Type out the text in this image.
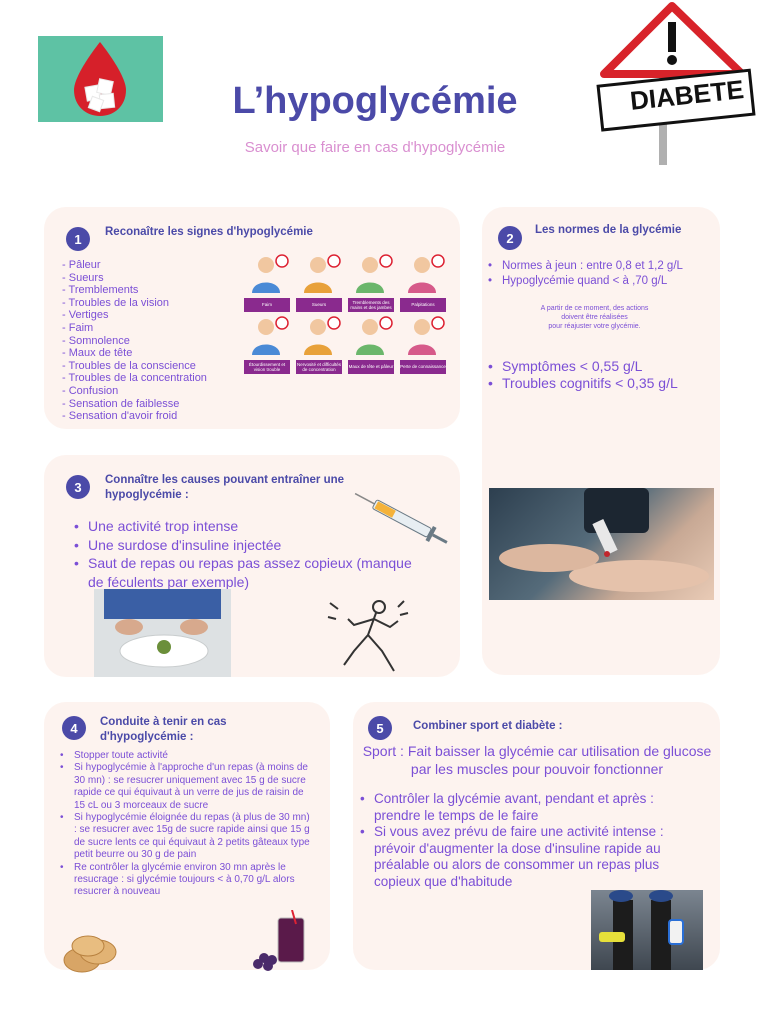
L’hypoglycémie
Savoir que faire en cas d'hypoglycémie
DIABETE
1	Reconaître les signes d'hypoglycémie
- Pâleur
- Sueurs
- Tremblements
- Troubles de la vision
- Vertiges
- Faim
- Somnolence
- Maux de tête
- Troubles de la conscience
- Troubles de la concentration
- Confusion
- Sensation de faiblesse
- Sensation d'avoir froid
Faim	Sueurs
Tremblements des mains et des jambes
Palpitations
Étourdissement et vision trouble
Nervosité et difficultés de concentration
Maux de tête et pâleur Perte de connaissance
2
Les normes de la glycémie
• Normes à jeun : entre 0,8 et 1,2 g/L
• Hypoglycémie quand < à ,70 g/L
A partir de ce moment, des actions
doivent être réalisées
pour réajuster votre glycémie.
• Symptômes < 0,55 g/L
• Troubles cognitifs < 0,35 g/L
3	Connaître les causes pouvant entraîner une
hypoglycémie :
• Une activité trop intense
• Une surdose d'insuline injectée
• Saut de repas ou repas pas assez copieux (manque de féculents par exemple)
4	Conduite à tenir en cas
d'hypoglycémie :
• Stopper toute activité
• Si hypoglycémie à l'approche d'un repas (à moins de 30 mn) : se resucrer uniquement avec 15 g de sucre rapide ce qui équivaut à un verre de jus de raisin de 15 cL ou 3 morceaux de sucre
• Si hypoglycémie éloignée du repas (à plus de 30 mn) : se resucrer avec 15g de sucre rapide ainsi que 15 g de sucre lents ce qui équivaut à 2 petits gâteaux type petit beurre ou 30 g de pain
• Re contrôler la glycémie environ 30 mn après le resucrage : si glycémie toujours < à 0,70 g/L alors resucrer à nouveau
5	Combiner sport et diabète :
Sport : Fait baisser la glycémie car utilisation de glucose par les muscles pour pouvoir fonctionner
• Contrôler la glycémie avant, pendant et après : prendre le temps de le faire
• Si vous avez prévu de faire une activité intense : prévoir d'augmenter la dose d'insuline rapide au préalable ou alors de consommer un repas plus copieux que d'habitude
